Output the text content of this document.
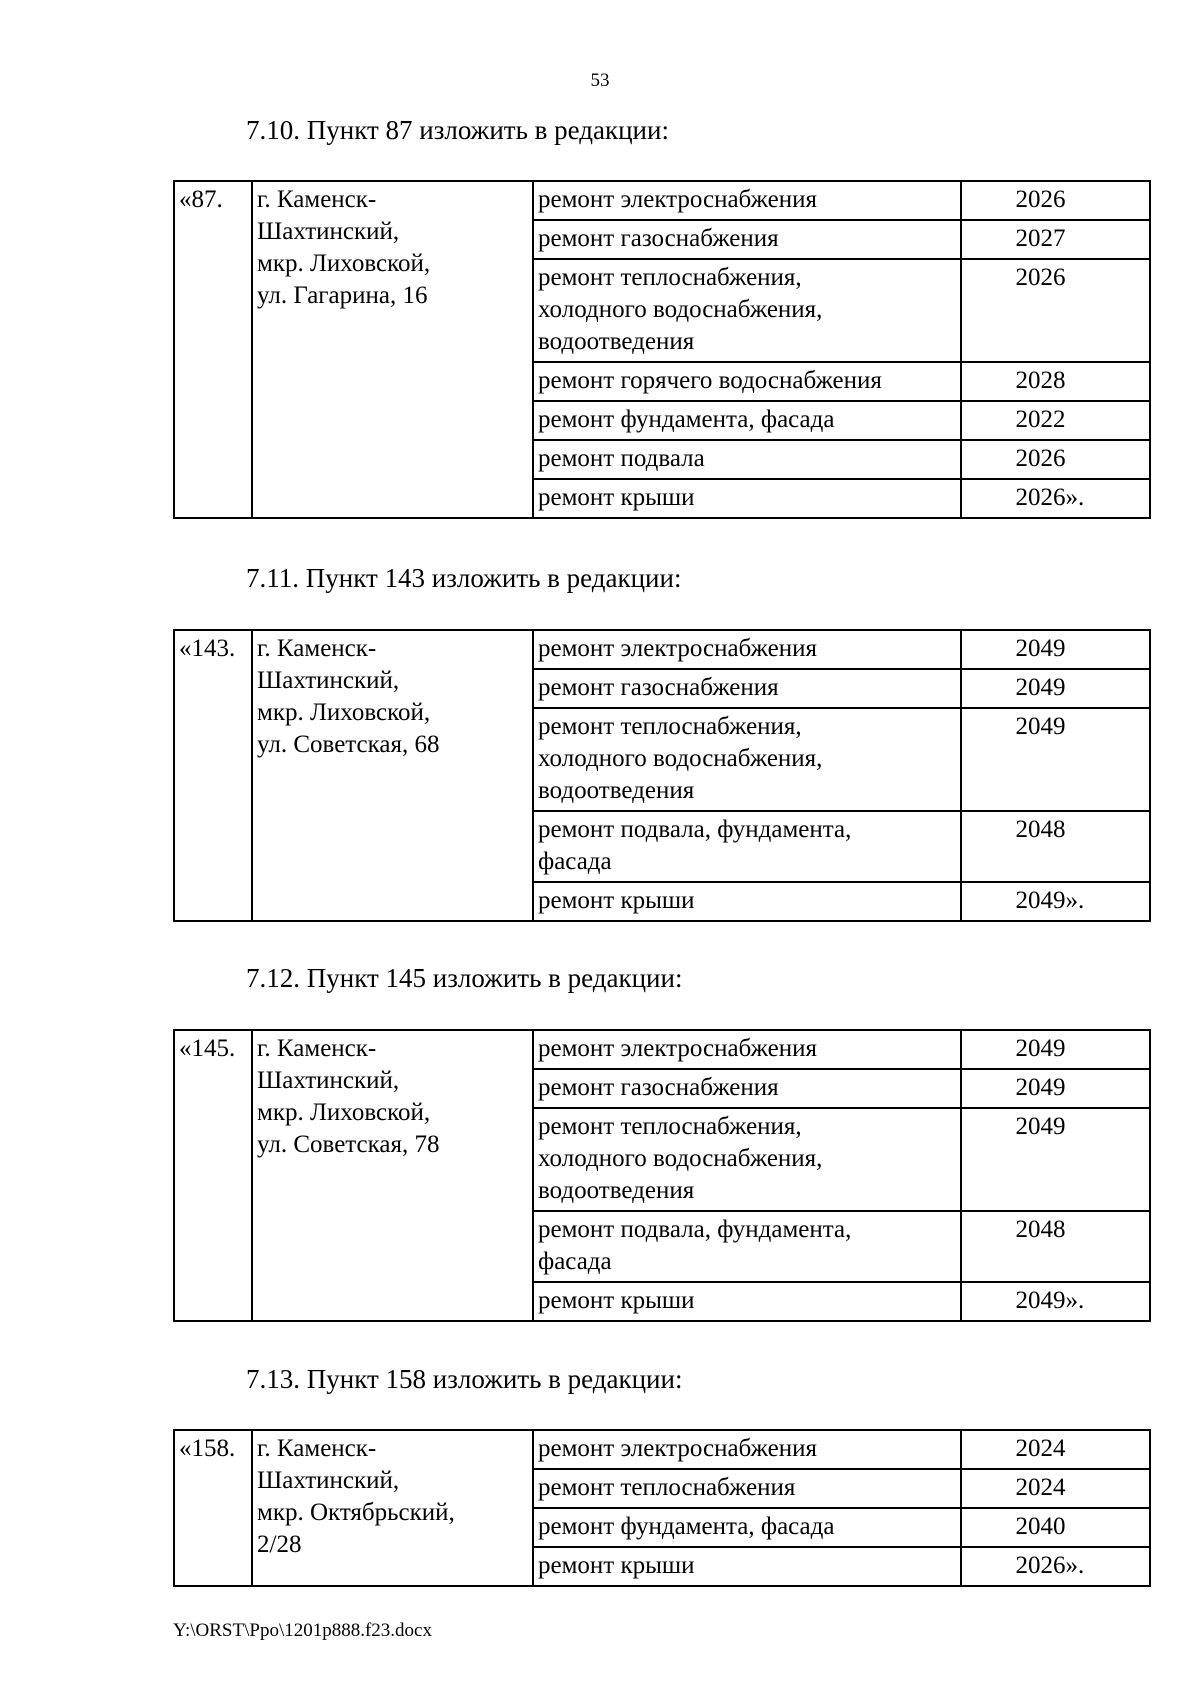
53
7.10. Пункт 87 изложить в редакции:
«87.	г. Каменск-
Шахтинский,
мкр. Лиховской,
ул. Гагарина, 16	ремонт электроснабжения	2026
		ремонт газоснабжения	2027
		ремонт теплоснабжения,
холодного водоснабжения,
водоотведения	2026
		ремонт горячего водоснабжения	2028
		ремонт фундамента, фасада	2022
		ремонт подвала	2026
		ремонт крыши	2026».
7.11. Пункт 143 изложить в редакции:
«143.	г. Каменск-
Шахтинский,
мкр. Лиховской,
ул. Советская, 68	ремонт электроснабжения	2049
		ремонт газоснабжения	2049
		ремонт теплоснабжения,
холодного водоснабжения,
водоотведения	2049
		ремонт подвала, фундамента,
фасада	2048
		ремонт крыши	2049».
7.12. Пункт 145 изложить в редакции:
«145.	г. Каменск-
Шахтинский,
мкр. Лиховской,
ул. Советская, 78	ремонт электроснабжения	2049
		ремонт газоснабжения	2049
		ремонт теплоснабжения,
холодного водоснабжения,
водоотведения	2049
		ремонт подвала, фундамента,
фасада	2048
		ремонт крыши	2049».
7.13. Пункт 158 изложить в редакции:
«158.	г. Каменск-
Шахтинский,
мкр. Октябрьский,
2/28	ремонт электроснабжения	2024
		ремонт теплоснабжения	2024
		ремонт фундамента, фасада	2040
		ремонт крыши	2026».
Y:\ORST\Ppo\1201p888.f23.docx
